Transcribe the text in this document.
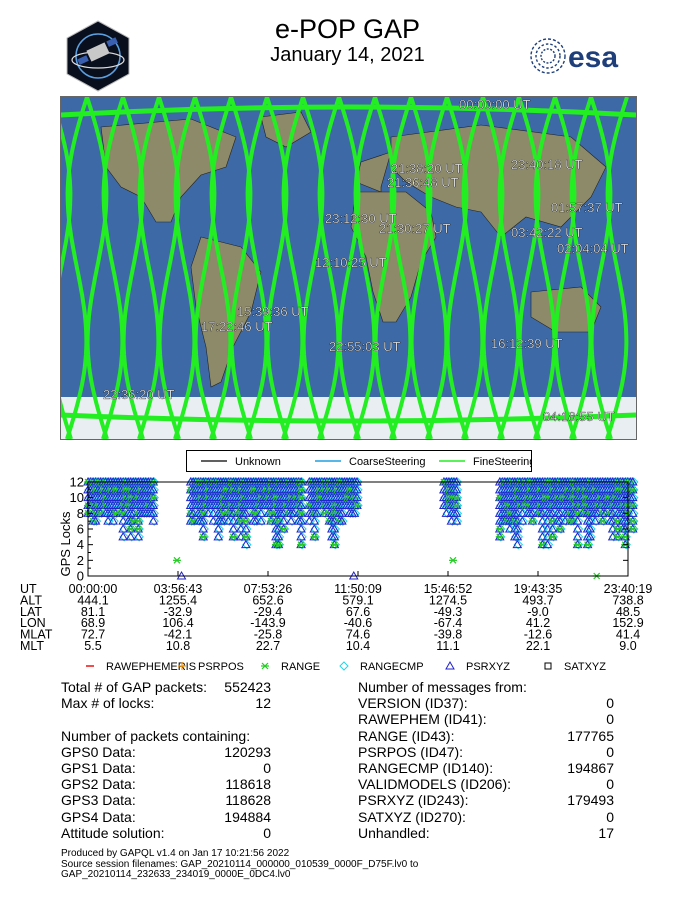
e-POP GAP
January 14, 2021	esa
00:00:00 UT
21:38:20 UT
21:36:48 UT
23:40:18 UT
01:57:37 UT
23:12:30 UT
21:30:27 UT	03:42:22 UT
02:04:04 UT
12:10:25 UT
15:39:36 UT
17:22:46 UT
22:55:03 UT	16:12:39 UT
22:36:20 UT
04:18:55 UT
Unknown	CoarseSteering	FineSteering
0
2
4
6
8
10
12
GPS Locks
UT	00:00:00	03:56:43	07:53:26	11:50:09	15:46:52	19:43:35	23:40:19
ALT	444.1	1255.4	652.6	579.1	1274.5	493.7	738.8
LAT	81.1	-32.9	-29.4	67.6	-49.3	-9.0	48.5
LON	68.9	106.4	-143.9	-40.6	-67.4	41.2	152.9
MLAT 72.7	-42.1	-25.8	74.6	-39.8	-12.6	41.4
MLT	5.5	10.8	22.7	10.4	11.1	22.1	9.0
RAWEPHEMERIS PSRPOS	RANGE	RANGECMP	PSRXYZ	SATXYZ
Total # of GAP packets: 552423
Max # of locks:	12
Number of packets containing:
GPS0 Data:	120293
GPS1 Data:	0
GPS2 Data:	118618
GPS3 Data:	118628
GPS4 Data:	194884
Attitude solution:	0
Number of messages from:
VERSION (ID37):	0
RAWEPHEM (ID41):	0
RANGE (ID43):	177765
PSRPOS (ID47):	0
RANGECMP (ID140):	194867
VALIDMODELS (ID206):	0
PSRXYZ (ID243):	179493
SATXYZ (ID270):	0
Unhandled:	17
Produced by GAPQL v1.4 on Jan 17 10:21:56 2022
Source session filenames: GAP_20210114_000000_010539_0000F_D75F.lv0 to
GAP_20210114_232633_234019_0000E_0DC4.lv0
